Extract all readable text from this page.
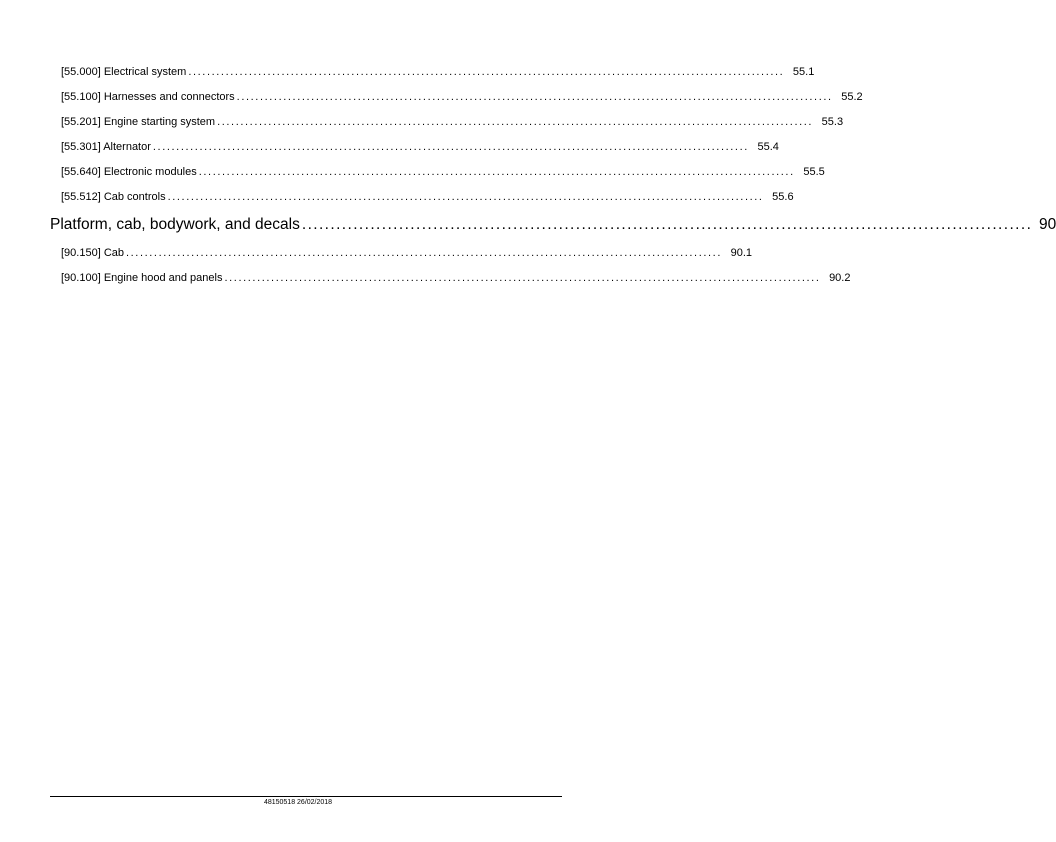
[55.000] Electrical system ................................................................................................................................ 55.1
[55.100] Harnesses and connectors ................................................................................................................................ 55.2
[55.201] Engine starting system ................................................................................................................................ 55.3
[55.301] Alternator ................................................................................................................................ 55.4
[55.640] Electronic modules ................................................................................................................................ 55.5
[55.512] Cab controls ................................................................................................................................ 55.6
Platform, cab, bodywork, and decals ................................................................................................................................ 90
[90.150] Cab ................................................................................................................................ 90.1
[90.100] Engine hood and panels ................................................................................................................................ 90.2
48150518 26/02/2018
